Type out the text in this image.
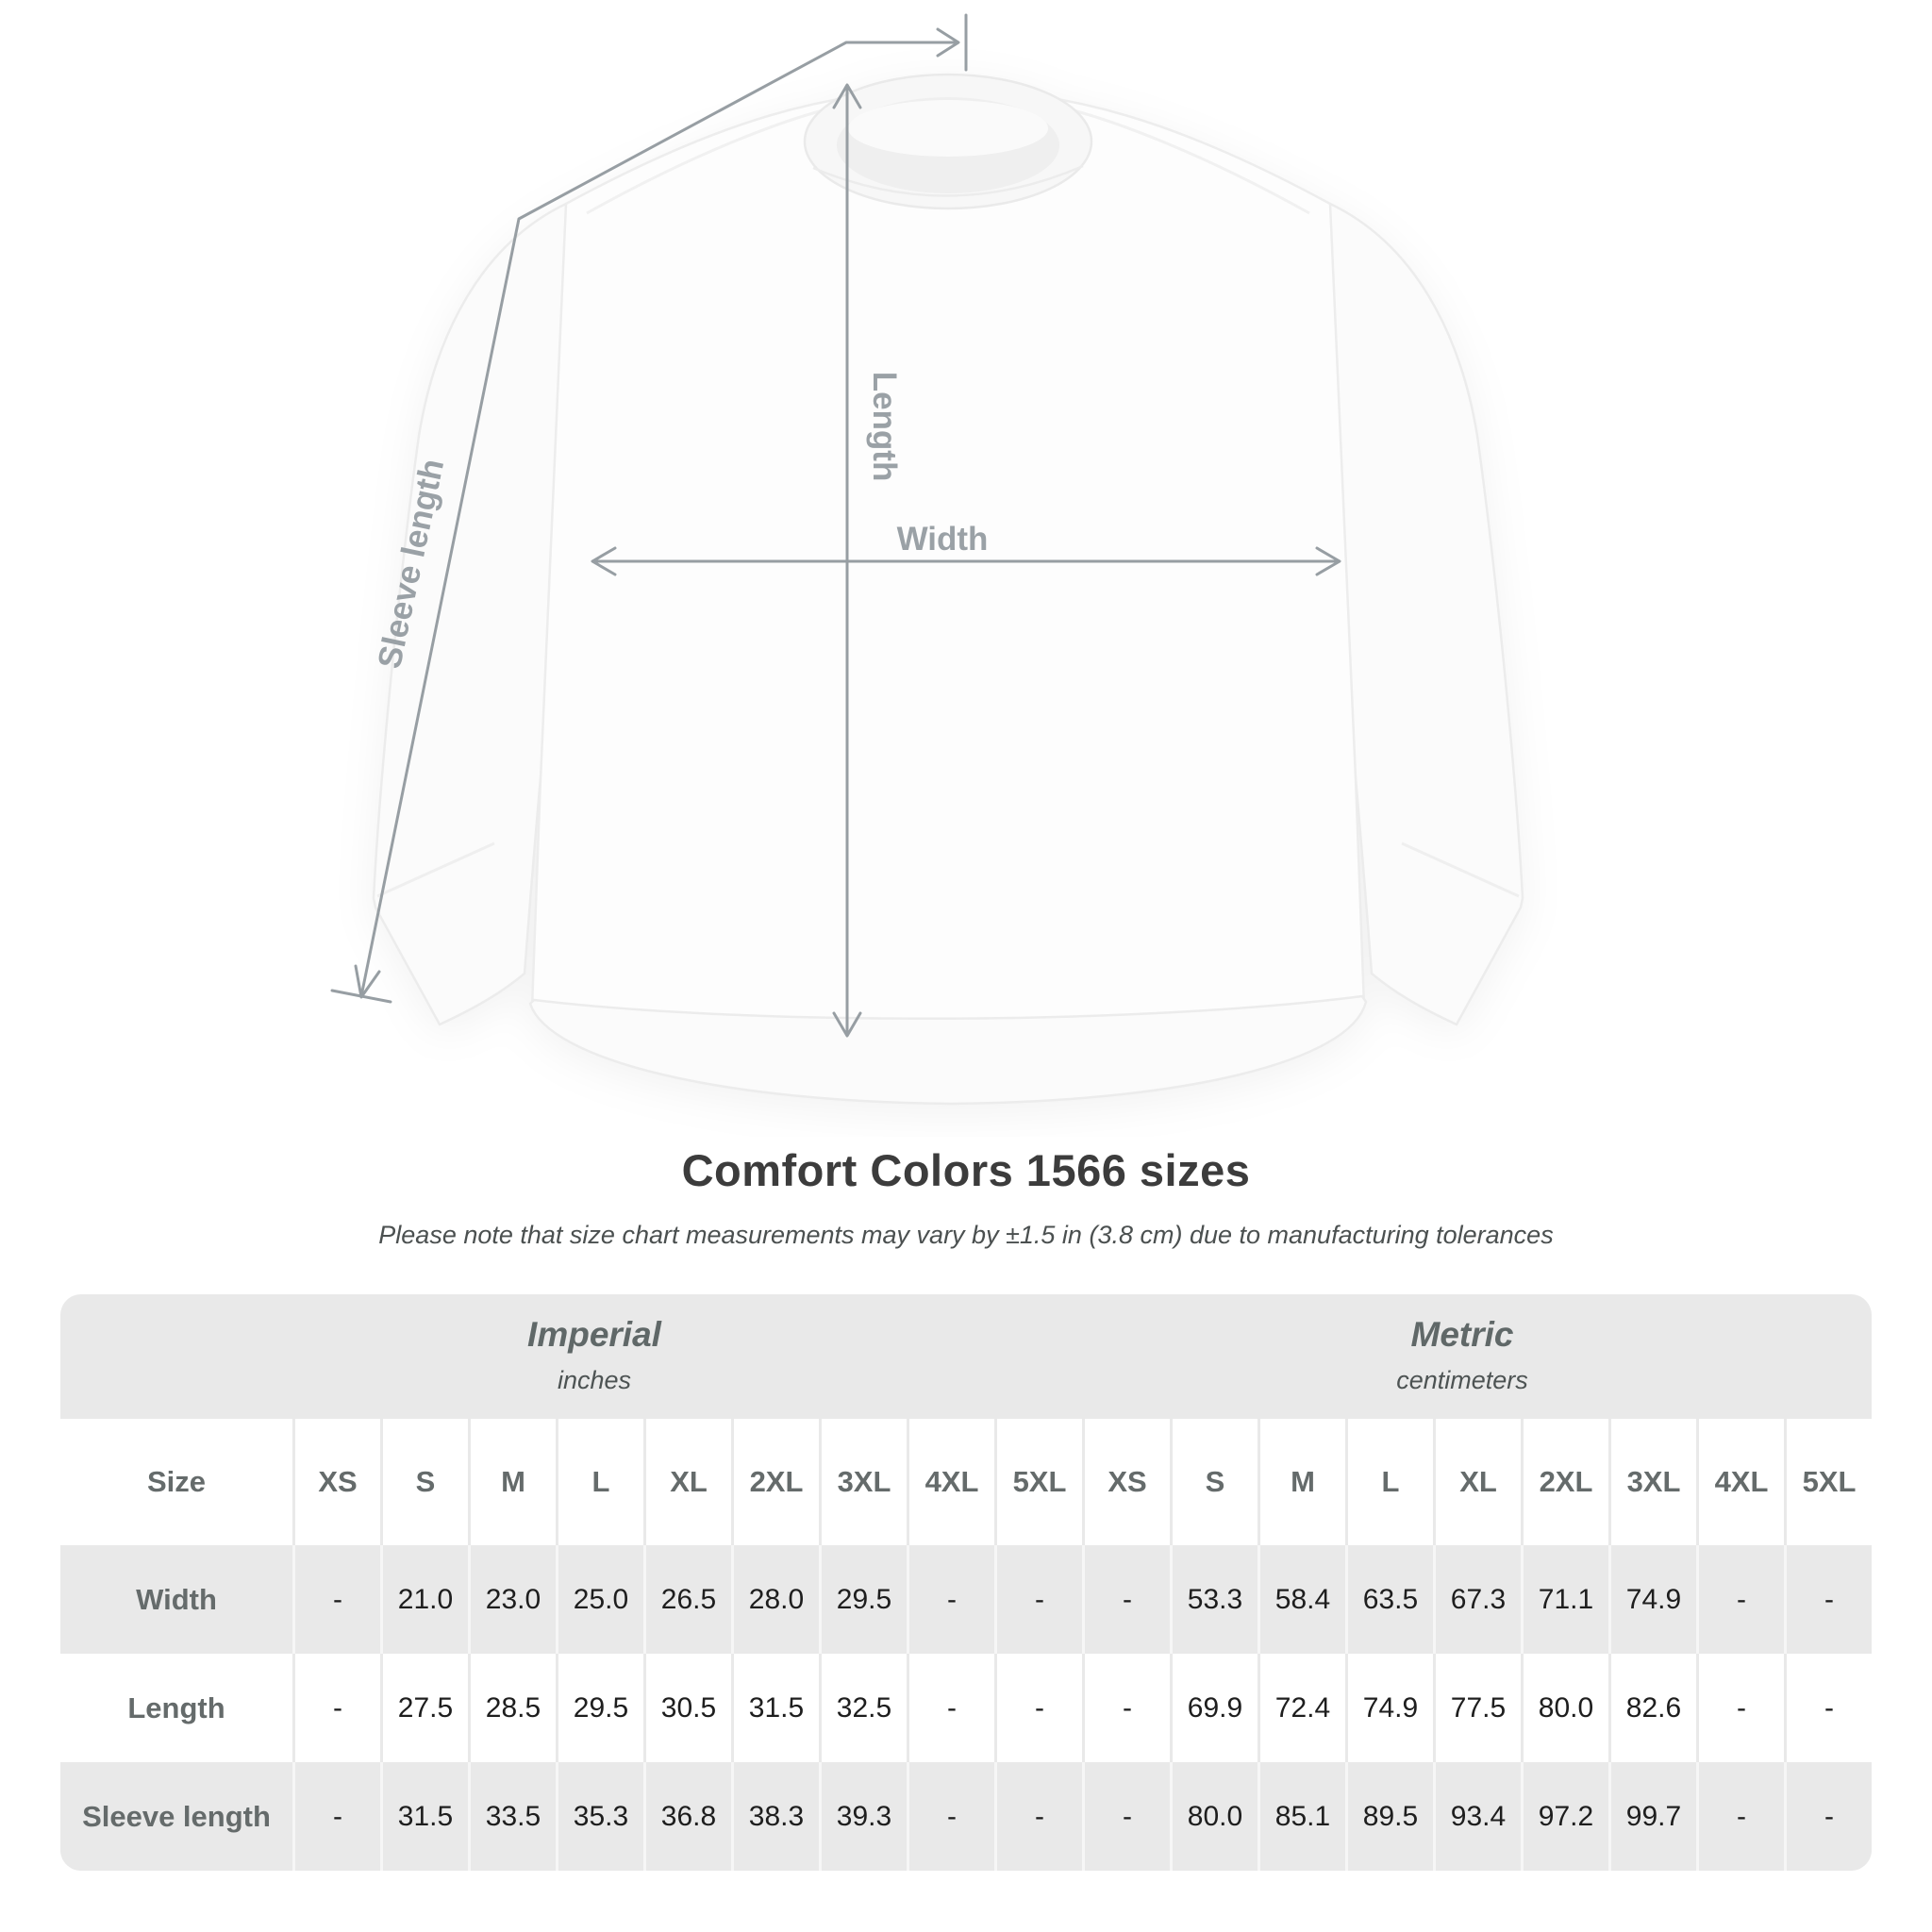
Length
Width
Sleeve length
Comfort Colors 1566 sizes

Please note that size chart measurements may vary by ±1.5 in (3.8 cm) due to manufacturing tolerances

Imperial
inches
Metric
centimeters
Size	XS	S	M	L	XL	2XL	3XL	4XL	5XL	XS	S	M	L	XL	2XL	3XL	4XL	5XL
Width	-	21.0	23.0	25.0	26.5	28.0	29.5	-	-	-	53.3	58.4	63.5	67.3	71.1	74.9	-	-
Length	-	27.5	28.5	29.5	30.5	31.5	32.5	-	-	-	69.9	72.4	74.9	77.5	80.0	82.6	-	-
Sleeve length	-	31.5	33.5	35.3	36.8	38.3	39.3	-	-	-	80.0	85.1	89.5	93.4	97.2	99.7	-	-
